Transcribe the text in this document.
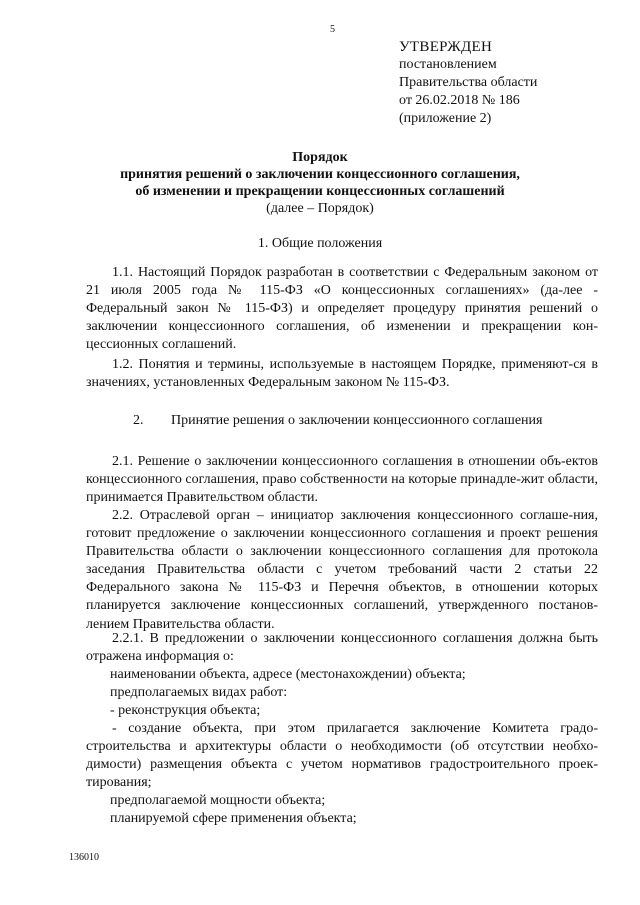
5
УТВЕРЖДЕН
постановлением
Правительства области
от 26.02.2018 № 186
(приложение 2)
Порядок
принятия решений о заключении концессионного соглашения,
об изменении и прекращении концессионных соглашений
(далее – Порядок)
1. Общие положения
1.1. Настоящий Порядок разработан в соответствии с Федеральным законом от 21 июля 2005 года № 115-ФЗ «О концессионных соглашениях» (да-лее - Федеральный закон № 115-ФЗ) и определяет процедуру принятия решений о заключении концессионного соглашения, об изменении и прекращении кон-цессионных соглашений.
1.2. Понятия и термины, используемые в настоящем Порядке, применяют-ся в значениях, установленных Федеральным законом № 115-ФЗ.
2. Принятие решения о заключении концессионного соглашения
2.1. Решение о заключении концессионного соглашения в отношении объ-ектов концессионного соглашения, право собственности на которые принадле-жит области, принимается Правительством области.
2.2. Отраслевой орган – инициатор заключения концессионного соглаше-ния, готовит предложение о заключении концессионного соглашения и проект решения Правительства области о заключении концессионного соглашения для протокола заседания Правительства области с учетом требований части 2 статьи 22 Федерального закона № 115-ФЗ и Перечня объектов, в отношении которых планируется заключение концессионных соглашений, утвержденного постанов-лением Правительства области.
2.2.1. В предложении о заключении концессионного соглашения должна быть отражена информация о:
наименовании объекта, адресе (местонахождении) объекта;
предполагаемых видах работ:
- реконструкция объекта;
- создание объекта, при этом прилагается заключение Комитета градо-строительства и архитектуры области о необходимости (об отсутствии необхо-димости) размещения объекта с учетом нормативов градостроительного проек-тирования;
предполагаемой мощности объекта;
планируемой сфере применения объекта;
136010
